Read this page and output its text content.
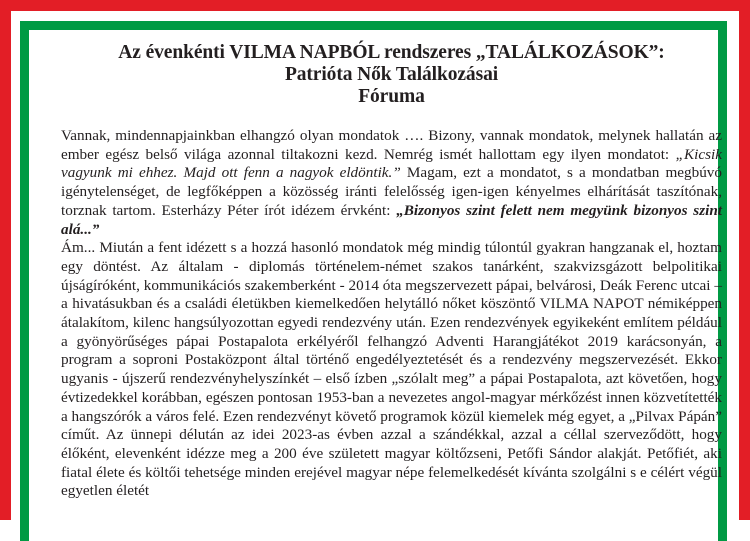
Az évenkénti VILMA NAPBÓL rendszeres „TALÁLKOZÁSOK”:
Patrióta Nők Találkozásai
Fóruma

Vannak, mindennapjainkban elhangzó olyan mondatok …. Bizony, vannak mondatok, melynek hallatán az ember egész belső világa azonnal tiltakozni kezd. Nemrég ismét hallottam egy ilyen mondatot: „Kicsik vagyunk mi ehhez. Majd ott fenn a nagyok eldöntik.” Magam, ezt a mondatot, s a mondatban megbúvó igénytelenséget, de legfőképpen a közösség iránti felelősség igen-igen kényelmes elhárítását taszítónak, torznak tartom. Esterházy Péter írót idézem érvként: „Bizonyos szint felett nem megyünk bizonyos szint alá...”

Ám... Miután a fent idézett s a hozzá hasonló mondatok még mindig túlontúl gyakran hangzanak el, hoztam egy döntést. Az általam - diplomás történelem-német szakos tanárként, szakvizsgázott belpolitikai újságíróként, kommunikációs szakemberként - 2014 óta megszervezett pápai, belvárosi, Deák Ferenc utcai – a hivatásukban és a családi életükben kiemelkedően helytálló nőket köszöntő VILMA NAPOT némiképpen átalakítom, kilenc hangsúlyozottan egyedi rendezvény után. Ezen rendezvények egyikeként említem például a gyönyörűséges pápai Postapalota erkélyéről felhangzó Adventi Harangjátékot 2019 karácsonyán, a program a soproni Postaközpont által történő engedélyeztetését és a rendezvény megszervezését. Ekkor ugyanis - újszerű rendezvényhelyszínkét – első ízben „szólalt meg” a pápai Postapalota, azt követően, hogy évtizedekkel korábban, egészen pontosan 1953-ban a nevezetes angol-magyar mérkőzést innen közvetítették a hangszórók a város felé. Ezen rendezvényt követő programok közül kiemelek még egyet, a „Pilvax Pápán” címűt. Az ünnepi délután az idei 2023-as évben azzal a szándékkal, azzal a céllal szerveződött, hogy élőként, elevenként idézze meg a 200 éve született magyar költőzseni, Petőfi Sándor alakját. Petőfiét, aki fiatal élete és költői tehetsége minden erejével magyar népe felemelkedését kívánta szolgálni s e célért végül egyetlen életét
